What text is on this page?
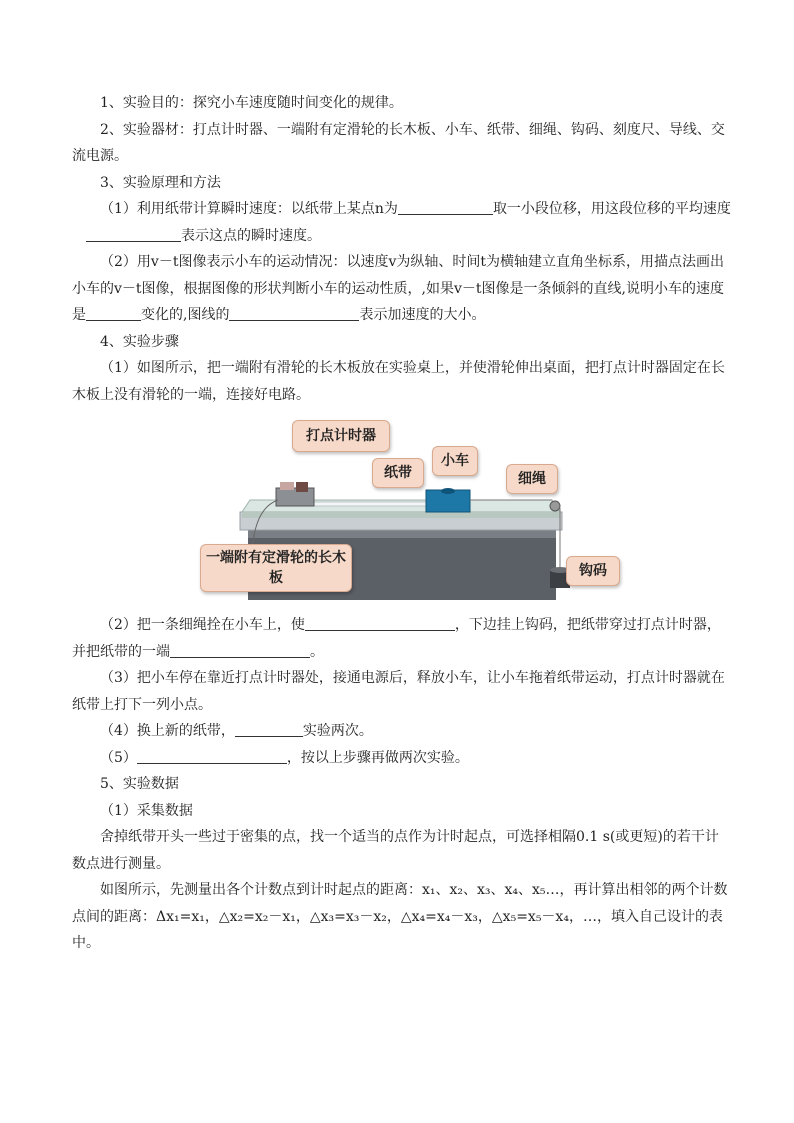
1、实验目的：探究小车速度随时间变化的规律。

2、实验器材：打点计时器、一端附有定滑轮的长木板、小车、纸带、细绳、钩码、刻度尺、导线、交流电源。

3、实验原理和方法

（1）利用纸带计算瞬时速度：以纸带上某点n为	取一小段位移，用这段位移的平均速度表示这点的瞬时速度。

（2）用v－t图像表示小车的运动情况：以速度v为纵轴、时间t为横轴建立直角坐标系，用描点法画出小车的v－t图像，根据图像的形状判断小车的运动性质，,如果v－t图像是一条倾斜的直线,说明小车的速度是	变化的,图线的	表示加速度的大小。

4、实验步骤

（1）如图所示，把一端附有滑轮的长木板放在实验桌上，并使滑轮伸出桌面，把打点计时器固定在长木板上没有滑轮的一端，连接好电路。

打点计时器
纸带
小车
细绳
一端附有定滑轮的长木板	钩码

（2）把一条细绳拴在小车上，使	，下边挂上钩码，把纸带穿过打点计时器，并把纸带的一端	。

（3）把小车停在靠近打点计时器处，接通电源后，释放小车，让小车拖着纸带运动，打点计时器就在纸带上打下一列小点。

（4）换上新的纸带，	实验两次。

（5）	，按以上步骤再做两次实验。

5、实验数据

（1）采集数据

舍掉纸带开头一些过于密集的点，找一个适当的点作为计时起点，可选择相隔0.1 s(或更短)的若干计数点进行测量。

如图所示，先测量出各个计数点到计时起点的距离：x₁、x₂、x₃、x₄、x₅…，再计算出相邻的两个计数点间的距离：Δx₁=x₁，△x₂=x₂－x₁，△x₃=x₃－x₂，△x₄=x₄－x₃，△x₅=x₅－x₄，…，填入自己设计的表中。
